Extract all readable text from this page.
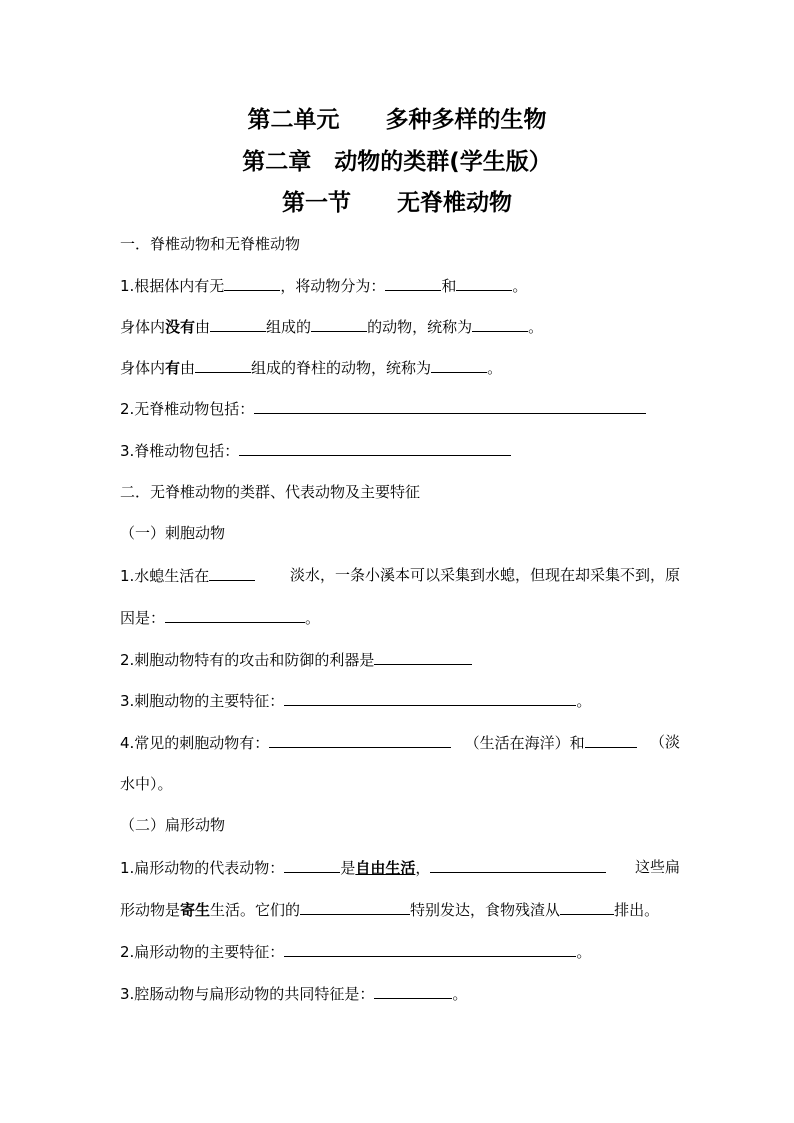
第二单元　　多种多样的生物
第二章　动物的类群(学生版）
第一节　　无脊椎动物
一．脊椎动物和无脊椎动物
1.根据体内有无	，将动物分为：	和	。
身体内没有由	组成的	的动物，统称为	。
身体内有由	组成的脊柱的动物，统称为	。
2.无脊椎动物包括：
3.脊椎动物包括：
二．无脊椎动物的类群、代表动物及主要特征
（一）刺胞动物
1.水螅生活在	淡水，一条小溪本可以采集到水螅，但现在却采集不到，原
因是：	。
2.刺胞动物特有的攻击和防御的利器是
3.刺胞动物的主要特征：	。
4.常见的刺胞动物有：	（生活在海洋）和	（淡
水中）。
（二）扁形动物
1.扁形动物的代表动物：	是自由生活，	这些扁
形动物是寄生生活。它们的	特别发达，食物残渣从	排出。
2.扁形动物的主要特征：	。
3.腔肠动物与扁形动物的共同特征是：	。
